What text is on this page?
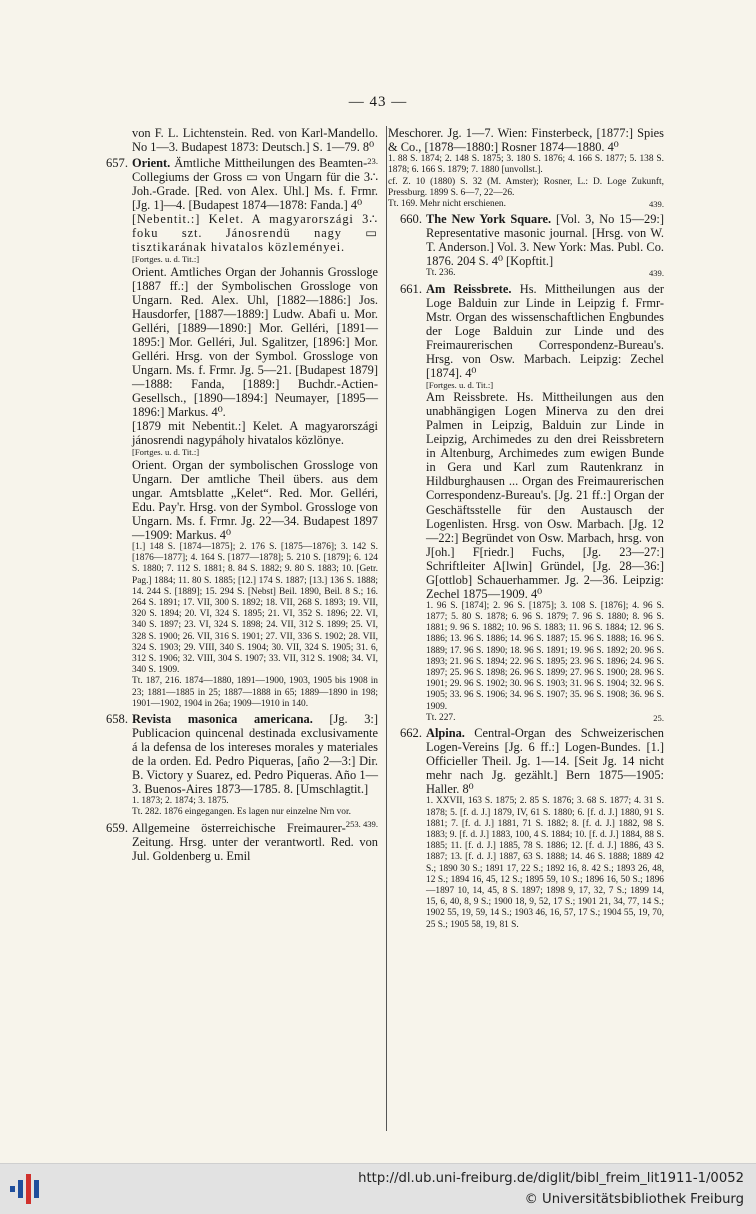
— 43 —
von F. L. Lichtenstein. Red. von Karl-Mandello. No 1—3. Budapest 1873: Deutsch.] S. 1—79. 8⁰
23.
657. Orient. Ämtliche Mittheilungen des Beamten-Collegiums der Gross ▭ von Ungarn für die 3∴ Joh.-Grade. [Red. von Alex. Uhl.] Ms. f. Frmr. [Jg. 1]—4. [Budapest 1874—1878: Fanda.] 4⁰
[Nebentit.:] Kelet. A magyarországi 3∴ foku szt. Jánosrendü nagy ▭ tisztikarának hivatalos közleményei.
[Fortges. u. d. Tit.:]
Orient. Amtliches Organ der Johannis Grossloge [1887 ff.:] der Symbolischen Grossloge von Ungarn. Red. Alex. Uhl, [1882—1886:] Jos. Hausdorfer, [1887—1889:] Ludw. Abafi u. Mor. Gelléri, [1889—1890:] Mor. Gelléri, [1891—1895:] Mor. Gelléri, Jul. Sgalitzer, [1896:] Mor. Gelléri. Hrsg. von der Symbol. Grossloge von Ungarn. Ms. f. Frmr. Jg. 5—21. [Budapest 1879]—1888: Fanda, [1889:] Buchdr.-Actien-Gesellsch., [1890—1894:] Neumayer, [1895—1896:] Markus. 4⁰.
[1879 mit Nebentit.:] Kelet. A magyarországi jánosrendi nagypáholy hivatalos közlönye.
[Fortges. u. d. Tit.:]
Orient. Organ der symbolischen Grossloge von Ungarn. Der amtliche Theil übers. aus dem ungar. Amtsblatte „Kelet“. Red. Mor. Gelléri, Edu. Pay'r. Hrsg. von der Symbol. Grossloge von Ungarn. Ms. f. Frmr. Jg. 22—34. Budapest 1897—1909: Markus. 4⁰
[1.] 148 S. [1874—1875]; 2. 176 S. [1875—1876]; 3. 142 S. [1876—1877]; 4. 164 S. [1877—1878]; 5. 210 S. [1879]; 6. 124 S. 1880; 7. 112 S. 1881; 8. 84 S. 1882; 9. 80 S. 1883; 10. [Getr. Pag.] 1884; 11. 80 S. 1885; [12.] 174 S. 1887; [13.] 136 S. 1888; 14. 244 S. [1889]; 15. 294 S. [Nebst] Beil. 1890, Beil. 8 S.; 16. 264 S. 1891; 17. VII, 300 S. 1892; 18. VII, 268 S. 1893; 19. VII, 320 S. 1894; 20. VI, 324 S. 1895; 21. VI, 352 S. 1896; 22. VI, 340 S. 1897; 23. VI, 324 S. 1898; 24. VII, 312 S. 1899; 25. VI, 328 S. 1900; 26. VII, 316 S. 1901; 27. VII, 336 S. 1902; 28. VII, 324 S. 1903; 29. VIII, 340 S. 1904; 30. VII, 324 S. 1905; 31. 6, 312 S. 1906; 32. VIII, 304 S. 1907; 33. VII, 312 S. 1908; 34. VI, 340 S. 1909.
Tt. 187, 216. 1874—1880, 1891—1900, 1903, 1905 bis 1908 in 23; 1881—1885 in 25; 1887—1888 in 65; 1889—1890 in 198; 1901—1902, 1904 in 26a; 1909—1910 in 140.
658. Revista masonica americana. [Jg. 3:] Publicacion quincenal destinada exclusivamente á la defensa de los intereses morales y materiales de la orden. Ed. Pedro Piqueras, [año 2—3:] Dir. B. Victory y Suarez, ed. Pedro Piqueras. Año 1—3. Buenos-Aires 1873—1785. 8. [Umschlagtit.]
1. 1873; 2. 1874; 3. 1875.
Tt. 282. 1876 eingegangen. Es lagen nur einzelne Nrn vor.
253. 439.
659. Allgemeine österreichische Freimaurer-Zeitung. Hrsg. unter der verantwortl. Red. von Jul. Goldenberg u. Emil
Meschorer. Jg. 1—7. Wien: Finsterbeck, [1877:] Spies & Co., [1878—1880:] Rosner 1874—1880. 4⁰
1. 88 S. 1874; 2. 148 S. 1875; 3. 180 S. 1876; 4. 166 S. 1877; 5. 138 S. 1878; 6. 166 S. 1879; 7. 1880 [unvollst.].
cf. Z. 10 (1880) S. 32 (M. Amster); Rosner, L.: D. Loge Zukunft, Pressburg. 1899 S. 6—7, 22—26.
Tt. 169. Mehr nicht erschienen.	439.
660. The New York Square. [Vol. 3, No 15—29:] Representative masonic journal. [Hrsg. von W. T. Anderson.] Vol. 3. New York: Mas. Publ. Co. 1876. 204 S. 4⁰ [Kopftit.]
Tt. 236.	439.
661. Am Reissbrete. Hs. Mittheilungen aus der Loge Balduin zur Linde in Leipzig f. Frmr-Mstr. Organ des wissenschaftlichen Engbundes der Loge Balduin zur Linde und des Freimaurerischen Correspondenz-Bureau's. Hrsg. von Osw. Marbach. Leipzig: Zechel [1874]. 4⁰
[Fortges. u. d. Tit.:]
Am Reissbrete. Hs. Mittheilungen aus den unabhängigen Logen Minerva zu den drei Palmen in Leipzig, Balduin zur Linde in Leipzig, Archimedes zu den drei Reissbretern in Altenburg, Archimedes zum ewigen Bunde in Gera und Karl zum Rautenkranz in Hildburghausen ... Organ des Freimaurerischen Correspondenz-Bureau's. [Jg. 21 ff.:] Organ der Geschäftsstelle für den Austausch der Logenlisten. Hrsg. von Osw. Marbach. [Jg. 12—22:] Begründet von Osw. Marbach, hrsg. von J[oh.] F[riedr.] Fuchs, [Jg. 23—27:] Schriftleiter A[lwin] Gründel, [Jg. 28—36:] G[ottlob] Schauerhammer. Jg. 2—36. Leipzig: Zechel 1875—1909. 4⁰
1. 96 S. [1874]; 2. 96 S. [1875]; 3. 108 S. [1876]; 4. 96 S. 1877; 5. 80 S. 1878; 6. 96 S. 1879; 7. 96 S. 1880; 8. 96 S. 1881; 9. 96 S. 1882; 10. 96 S. 1883; 11. 96 S. 1884; 12. 96 S. 1886; 13. 96 S. 1886; 14. 96 S. 1887; 15. 96 S. 1888; 16. 96 S. 1889; 17. 96 S. 1890; 18. 96 S. 1891; 19. 96 S. 1892; 20. 96 S. 1893; 21. 96 S. 1894; 22. 96 S. 1895; 23. 96 S. 1896; 24. 96 S. 1897; 25. 96 S. 1898; 26. 96 S. 1899; 27. 96 S. 1900; 28. 96 S. 1901; 29. 96 S. 1902; 30. 96 S. 1903; 31. 96 S. 1904; 32. 96 S. 1905; 33. 96 S. 1906; 34. 96 S. 1907; 35. 96 S. 1908; 36. 96 S. 1909.
Tt. 227.	25.
662. Alpina. Central-Organ des Schweizerischen Logen-Vereins [Jg. 6 ff.:] Logen-Bundes. [1.] Officieller Theil. Jg. 1—14. [Seit Jg. 14 nicht mehr nach Jg. gezählt.] Bern 1875—1905: Haller. 8⁰
1. XXVII, 163 S. 1875; 2. 85 S. 1876; 3. 68 S. 1877; 4. 31 S. 1878; 5. [f. d. J.] 1879, IV, 61 S. 1880; 6. [f. d. J.] 1880, 91 S. 1881; 7. [f. d. J.] 1881, 71 S. 1882; 8. [f. d. J.] 1882, 98 S. 1883; 9. [f. d. J.] 1883, 100, 4 S. 1884; 10. [f. d. J.] 1884, 88 S. 1885; 11. [f. d. J.] 1885, 78 S. 1886; 12. [f. d. J.] 1886, 43 S. 1887; 13. [f. d. J.] 1887, 63 S. 1888; 14. 46 S. 1888; 1889 42 S.; 1890 30 S.; 1891 17, 22 S.; 1892 16, 8. 42 S.; 1893 26, 48, 12 S.; 1894 16, 45, 12 S.; 1895 59, 10 S.; 1896 16, 50 S.; 1896—1897 10, 14, 45, 8 S. 1897; 1898 9, 17, 32, 7 S.; 1899 14, 15, 6, 40, 8, 9 S.; 1900 18, 9, 52, 17 S.; 1901 21, 34, 77, 14 S.; 1902 55, 19, 59, 14 S.; 1903 46, 16, 57, 17 S.; 1904 55, 19, 70, 25 S.; 1905 58, 19, 81 S.
http://dl.ub.uni-freiburg.de/diglit/bibl_freim_lit1911-1/0052
© Universitätsbibliothek Freiburg
